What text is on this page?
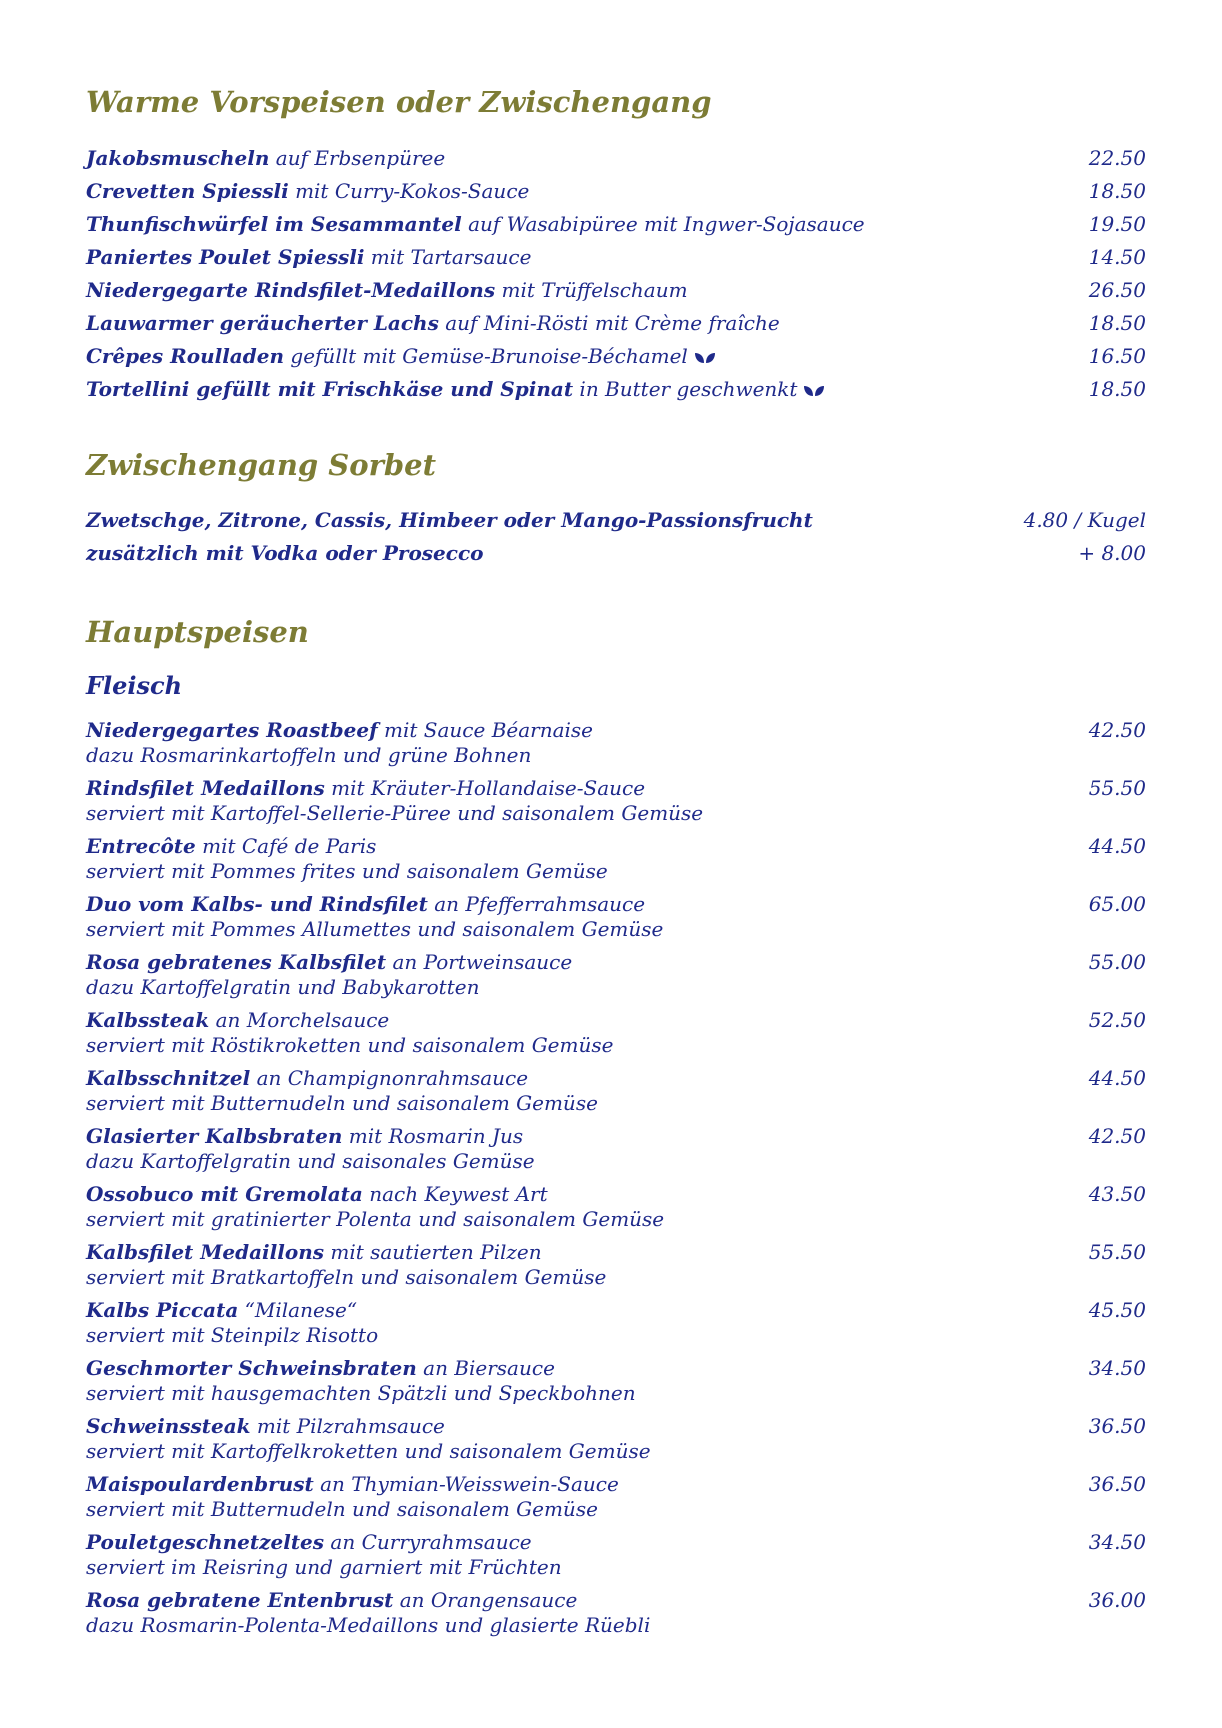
Warme Vorspeisen oder Zwischengang
Jakobsmuscheln auf Erbsenpüree	22.50
Crevetten Spiessli mit Curry-Kokos-Sauce	18.50
Thunfischwürfel im Sesammantel auf Wasabipüree mit Ingwer-Sojasauce	19.50
Paniertes Poulet Spiessli mit Tartarsauce	14.50
Niedergegarte Rindsfilet-Medaillons mit Trüffelschaum	26.50
Lauwarmer geräucherter Lachs auf Mini-Rösti mit Crème fraîche	18.50
Crêpes Roulladen gefüllt mit Gemüse-Brunoise-Béchamel	16.50
Tortellini gefüllt mit Frischkäse und Spinat in Butter geschwenkt	18.50
Zwischengang Sorbet
Zwetschge, Zitrone, Cassis, Himbeer oder Mango-Passionsfrucht	4.80 / Kugel
zusätzlich mit Vodka oder Prosecco	+ 8.00
Hauptspeisen
Fleisch
Niedergegartes Roastbeef mit Sauce Béarnaise
dazu Rosmarinkartoffeln und grüne Bohnen
42.50
Rindsfilet Medaillons mit Kräuter-Hollandaise-Sauce
serviert mit Kartoffel-Sellerie-Püree und saisonalem Gemüse
55.50
Entrecôte mit Café de Paris
serviert mit Pommes frites und saisonalem Gemüse
44.50
Duo vom Kalbs- und Rindsfilet an Pfefferrahmsauce
serviert mit Pommes Allumettes und saisonalem Gemüse
65.00
Rosa gebratenes Kalbsfilet an Portweinsauce
dazu Kartoffelgratin und Babykarotten
55.00
Kalbssteak an Morchelsauce
serviert mit Röstikroketten und saisonalem Gemüse
52.50
Kalbsschnitzel an Champignonrahmsauce
serviert mit Butternudeln und saisonalem Gemüse
44.50
Glasierter Kalbsbraten mit Rosmarin Jus
dazu Kartoffelgratin und saisonales Gemüse
42.50
Ossobuco mit Gremolata nach Keywest Art
serviert mit gratinierter Polenta und saisonalem Gemüse
43.50
Kalbsfilet Medaillons mit sautierten Pilzen
serviert mit Bratkartoffeln und saisonalem Gemüse
55.50
Kalbs Piccata “Milanese“
serviert mit Steinpilz Risotto
45.50
Geschmorter Schweinsbraten an Biersauce
serviert mit hausgemachten Spätzli und Speckbohnen
34.50
Schweinssteak mit Pilzrahmsauce
serviert mit Kartoffelkroketten und saisonalem Gemüse
36.50
Maispoulardenbrust an Thymian-Weisswein-Sauce
serviert mit Butternudeln und saisonalem Gemüse
36.50
Pouletgeschnetzeltes an Curryrahmsauce
serviert im Reisring und garniert mit Früchten
34.50
Rosa gebratene Entenbrust an Orangensauce
dazu Rosmarin-Polenta-Medaillons und glasierte Rüebli
36.00
